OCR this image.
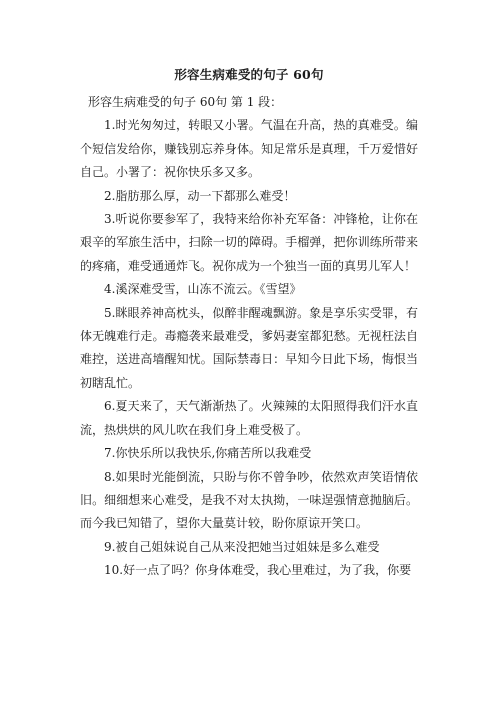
形容生病难受的句子 60句
形容生病难受的句子 60句 第 1 段：
1.时光匆匆过，转眼又小署。气温在升高，热的真难受。编个短信发给你，赚钱别忘养身体。知足常乐是真理，千万爱惜好自己。小署了：祝你快乐多又多。
2.脂肪那么厚，动一下都那么难受！
3.听说你要参军了，我特来给你补充军备：冲锋枪，让你在艰辛的军旅生活中，扫除一切的障碍。手榴弹，把你训练所带来的疼痛，难受通通炸飞。祝你成为一个独当一面的真男儿军人！
4.溪深难受雪，山冻不流云。《雪望》
5.眯眼养神高枕头，似醉非醒魂飘游。象是享乐实受罪，有体无魄难行走。毒瘾袭来最难受，爹妈妻室都犯愁。无视枉法自难控，送进高墙醒知忧。国际禁毒日：早知今日此下场，悔恨当初瞎乱忙。
6.夏天来了，天气渐渐热了。火辣辣的太阳照得我们汗水直流，热烘烘的风儿吹在我们身上难受极了。
7.你快乐所以我快乐,你痛苦所以我难受
8.如果时光能倒流，只盼与你不曾争吵，依然欢声笑语情依旧。细细想来心难受，是我不对太执拗，一味逞强情意抛脑后。而今我已知错了，望你大量莫计较，盼你原谅开笑口。
9.被自己姐妹说自己从来没把她当过姐妹是多么难受
10.好一点了吗？你身体难受，我心里难过，为了我，你要
